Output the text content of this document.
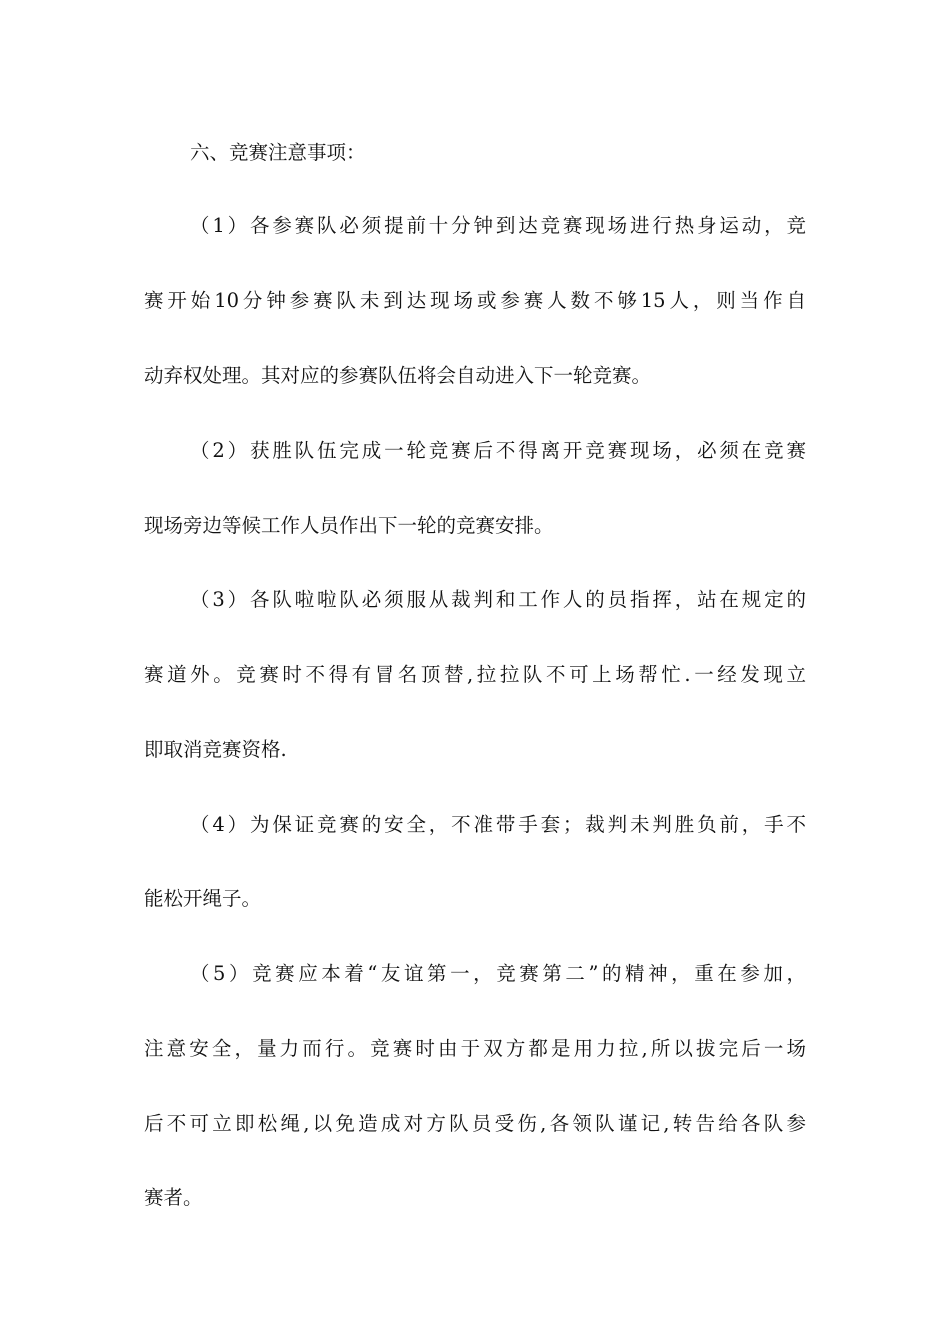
六、竞赛注意事项：
（1）各参赛队必须提前十分钟到达竞赛现场进行热身运动，竞
赛开始10分钟参赛队未到达现场或参赛人数不够15人，则当作自
动弃权处理。其对应的参赛队伍将会自动进入下一轮竞赛。
（2）获胜队伍完成一轮竞赛后不得离开竞赛现场，必须在竞赛
现场旁边等候工作人员作出下一轮的竞赛安排。
（3）各队啦啦队必须服从裁判和工作人的员指挥，站在规定的
赛道外。竞赛时不得有冒名顶替,拉拉队不可上场帮忙.一经发现立
即取消竞赛资格.
（4）为保证竞赛的安全，不准带手套；裁判未判胜负前，手不
能松开绳子。
（5）竞赛应本着“友谊第一，竞赛第二”的精神，重在参加，
注意安全，量力而行。竞赛时由于双方都是用力拉,所以拔完后一场
后不可立即松绳,以免造成对方队员受伤,各领队谨记,转告给各队参
赛者。
